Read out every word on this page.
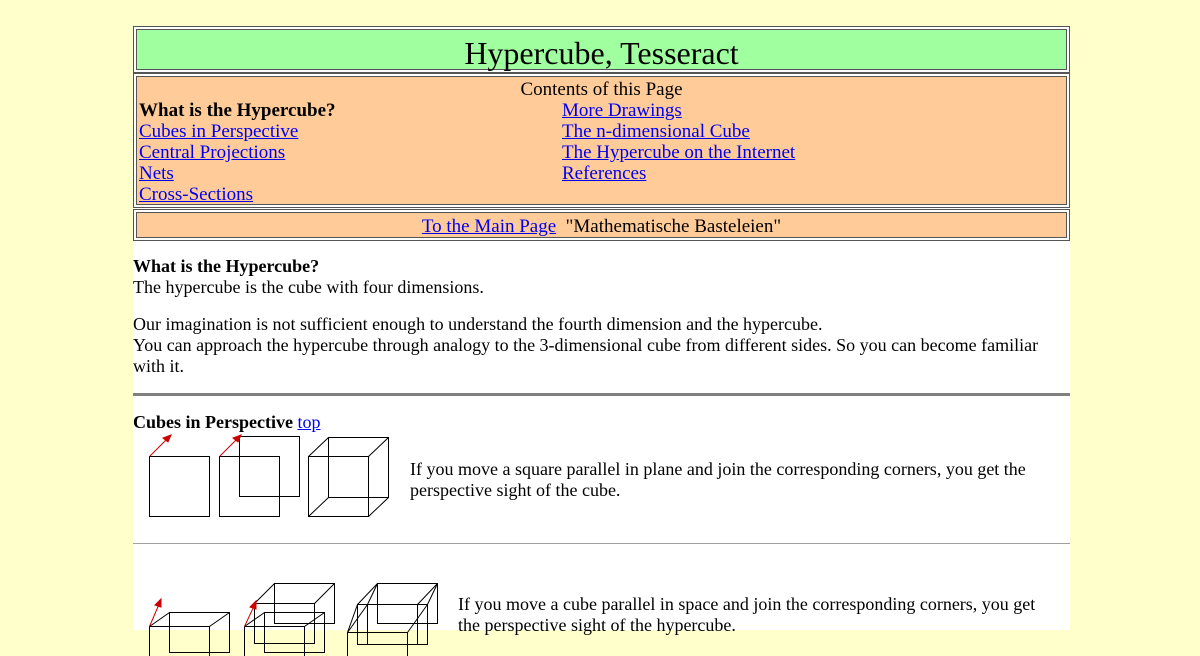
Hypercube, Tesseract
Contents of this Page
What is the Hypercube?
Cubes in Perspective
Central Projections
Nets
Cross-Sections
More Drawings
The n-dimensional Cube
The Hypercube on the Internet
References
To the Main Page "Mathematische Basteleien"

What is the Hypercube?
The hypercube is the cube with four dimensions.

Our imagination is not sufficient enough to understand the fourth dimension and the hypercube.
You can approach the hypercube through analogy to the 3-dimensional cube from different sides. So you can become familiar with it.

Cubes in Perspective top
If you move a square parallel in plane and join the corresponding corners, you get the perspective sight of the cube.
If you move a cube parallel in space and join the corresponding corners, you get the perspective sight of the hypercube.
